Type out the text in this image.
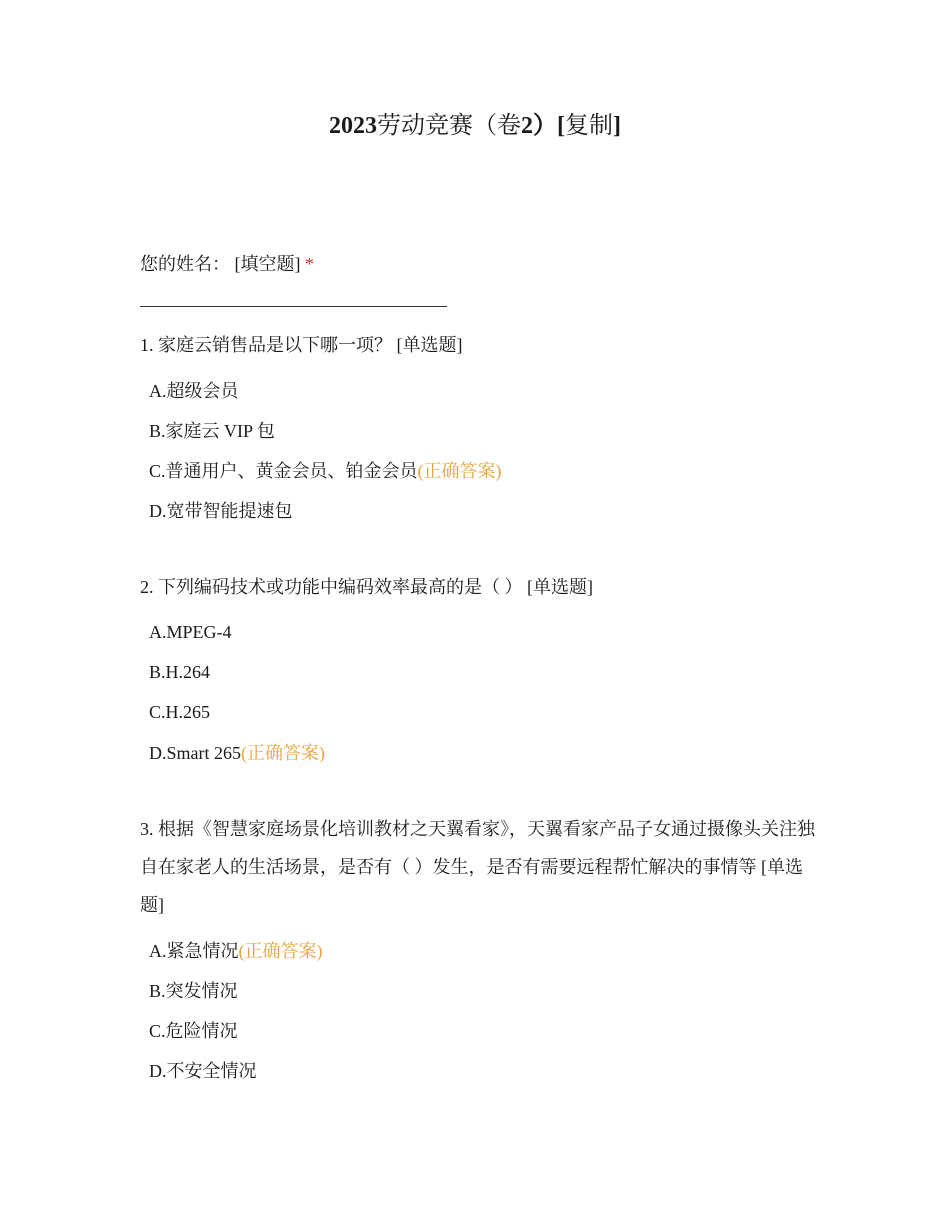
2023劳动竞赛（卷2）[复制]
您的姓名： [填空题] *
1. 家庭云销售品是以下哪一项？ [单选题]
A.超级会员
B.家庭云 VIP 包
C.普通用户、黄金会员、铂金会员(正确答案)
D.宽带智能提速包
2. 下列编码技术或功能中编码效率最高的是（ ） [单选题]
A.MPEG-4
B.H.264
C.H.265
D.Smart 265(正确答案)
3. 根据《智慧家庭场景化培训教材之天翼看家》，天翼看家产品子女通过摄像头关注独自在家老人的生活场景，是否有（ ）发生，是否有需要远程帮忙解决的事情等 [单选题]
A.紧急情况(正确答案)
B.突发情况
C.危险情况
D.不安全情况
